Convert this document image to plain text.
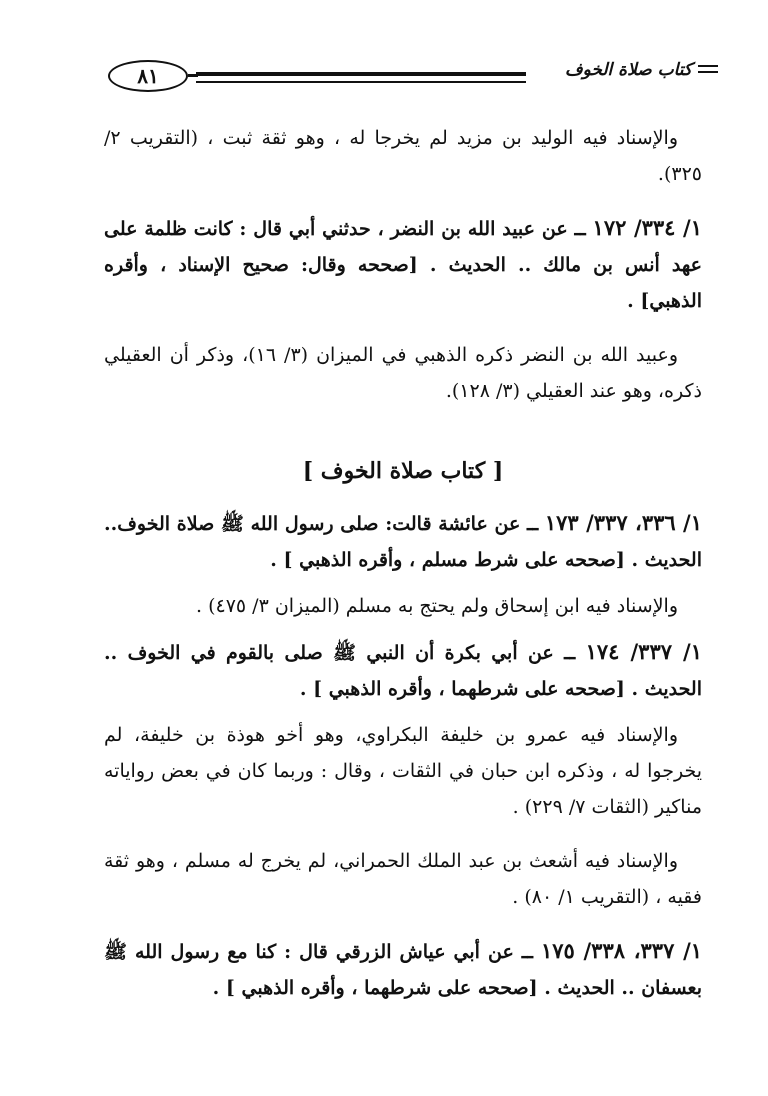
كتاب صلاة الخوف
٨١

والإسناد فيه الوليد بن مزيد لم يخرجا له ، وهو ثقة ثبت ، (التقريب ٢/ ٣٢٥).

١/ ٣٣٤/ ١٧٢ ــ عن عبيد الله بن النضر ، حدثني أبي قال : كانت ظلمة على عهد أنس بن مالك .. الحديث . [صححه وقال: صحيح الإسناد ، وأقره الذهبي] .

وعبيد الله بن النضر ذكره الذهبي في الميزان (٣/ ١٦)، وذكر أن العقيلي ذكره، وهو عند العقيلي (٣/ ١٢٨).

[ كتاب صلاة الخوف ]

١/ ٣٣٦، ٣٣٧/ ١٧٣ ــ عن عائشة قالت: صلى رسول الله ﷺ صلاة الخوف.. الحديث . [صححه على شرط مسلم ، وأقره الذهبي ] .

والإسناد فيه ابن إسحاق ولم يحتج به مسلم (الميزان ٣/ ٤٧٥) .

١/ ٣٣٧/ ١٧٤ ــ عن أبي بكرة أن النبي ﷺ صلى بالقوم في الخوف .. الحديث . [صححه على شرطهما ، وأقره الذهبي ] .

والإسناد فيه عمرو بن خليفة البكراوي، وهو أخو هوذة بن خليفة، لم يخرجوا له ، وذكره ابن حبان في الثقات ، وقال : وربما كان في بعض رواياته مناكير (الثقات ٧/ ٢٢٩) .

والإسناد فيه أشعث بن عبد الملك الحمراني، لم يخرج له مسلم ، وهو ثقة فقيه ، (التقريب ١/ ٨٠) .

١/ ٣٣٧، ٣٣٨/ ١٧٥ ــ عن أبي عياش الزرقي قال : كنا مع رسول الله ﷺ بعسفان .. الحديث . [صححه على شرطهما ، وأقره الذهبي ] .
